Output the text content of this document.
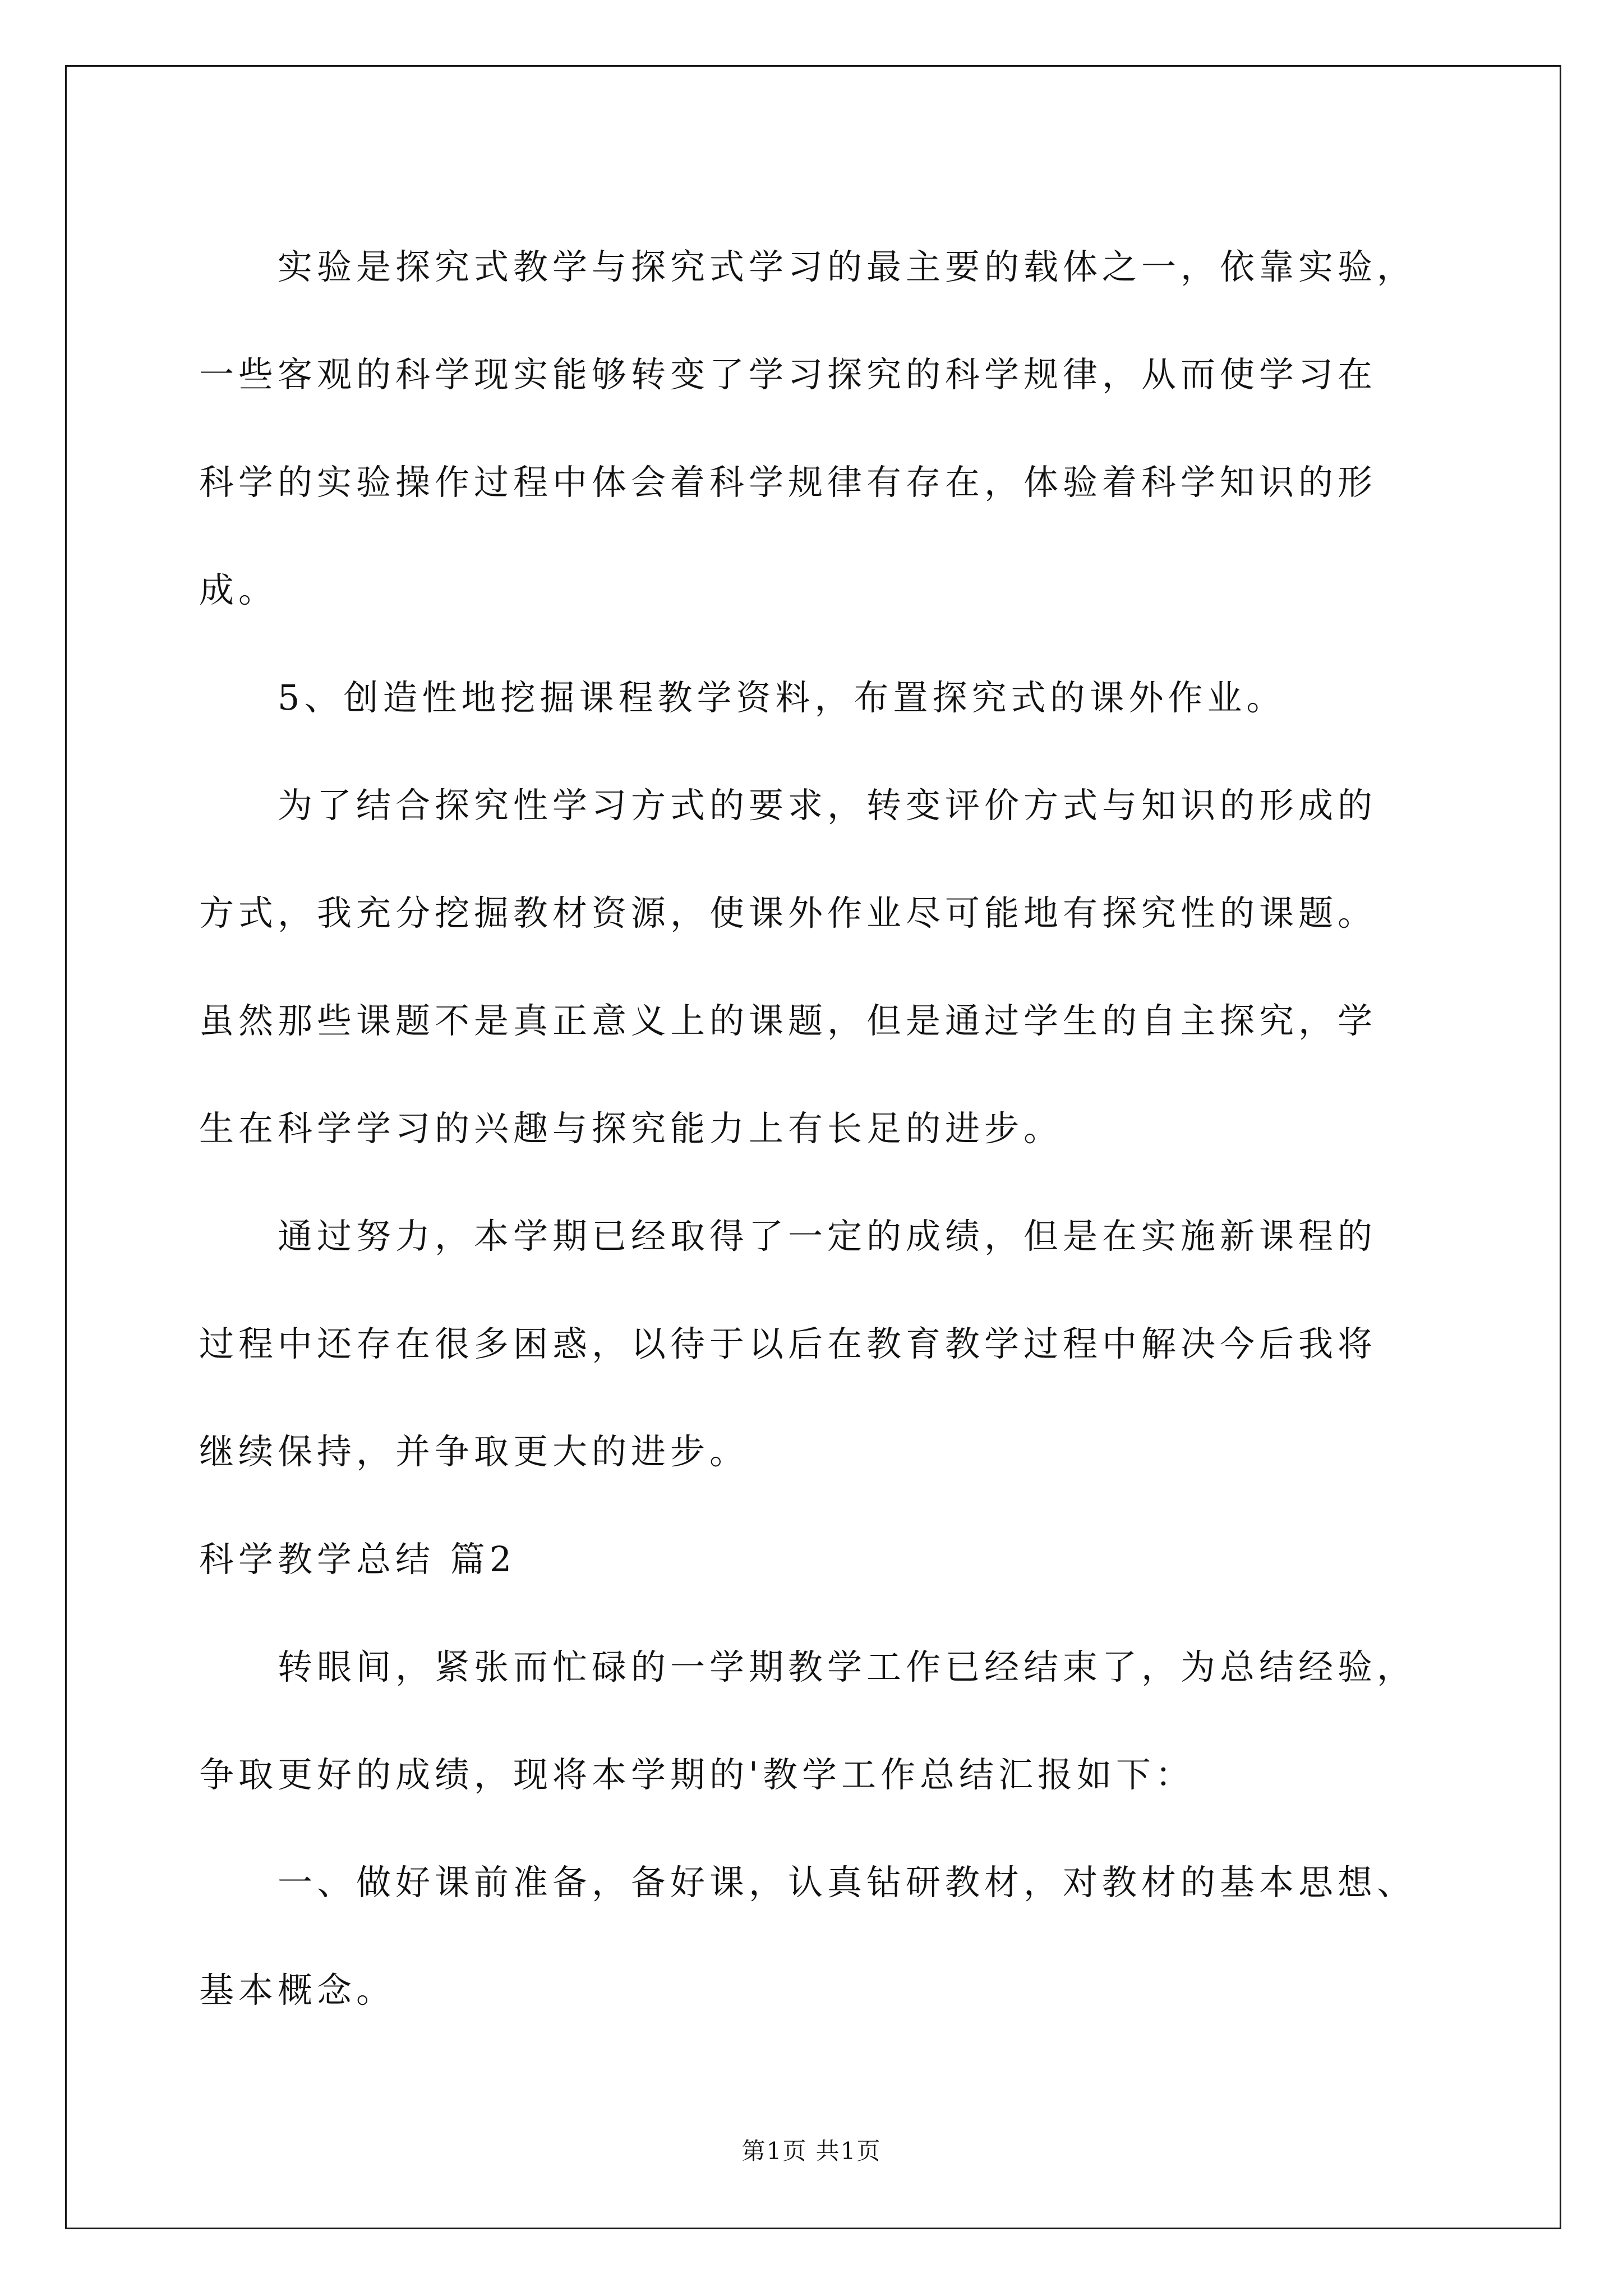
　　实验是探究式教学与探究式学习的最主要的载体之一，依靠实验，

一些客观的科学现实能够转变了学习探究的科学规律，从而使学习在

科学的实验操作过程中体会着科学规律有存在，体验着科学知识的形

成。

　　5、创造性地挖掘课程教学资料，布置探究式的课外作业。

　　为了结合探究性学习方式的要求，转变评价方式与知识的形成的

方式，我充分挖掘教材资源，使课外作业尽可能地有探究性的课题。

虽然那些课题不是真正意义上的课题，但是通过学生的自主探究，学

生在科学学习的兴趣与探究能力上有长足的进步。

　　通过努力，本学期已经取得了一定的成绩，但是在实施新课程的

过程中还存在很多困惑，以待于以后在教育教学过程中解决今后我将

继续保持，并争取更大的进步。

科学教学总结 篇2

　　转眼间，紧张而忙碌的一学期教学工作已经结束了，为总结经验，

争取更好的成绩，现将本学期的'教学工作总结汇报如下：

　　一、做好课前准备，备好课，认真钻研教材，对教材的基本思想、

基本概念。

第1页 共1页
